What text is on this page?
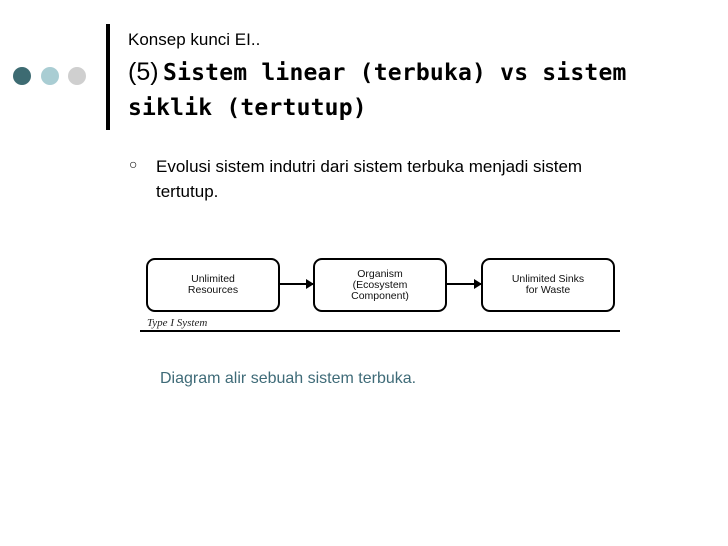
Konsep kunci EI..
(5) Sistem linear (terbuka) vs sistem siklik (tertutup)
○ Evolusi sistem indutri dari sistem terbuka menjadi sistem tertutup.
Unlimited
Resources
Organism
(Ecosystem
Component)
Unlimited Sinks
for Waste
Type I System
Diagram alir sebuah sistem terbuka.
